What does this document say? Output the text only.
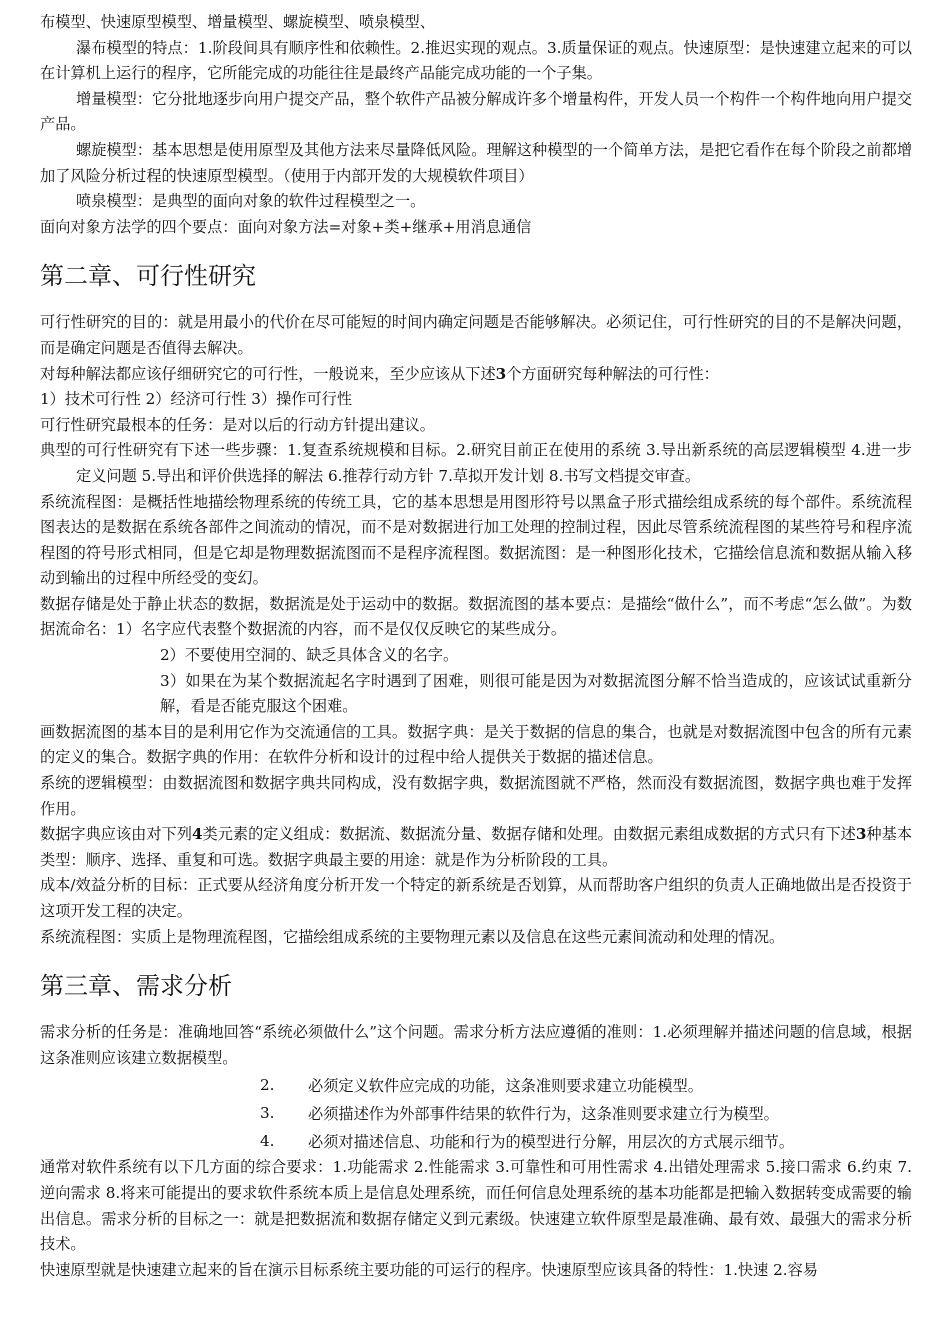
布模型、快速原型模型、增量模型、螺旋模型、喷泉模型、

瀑布模型的特点：1.阶段间具有顺序性和依赖性。2.推迟实现的观点。3.质量保证的观点。快速原型：是快速建立起来的可以在计算机上运行的程序，它所能完成的功能往往是最终产品能完成功能的一个子集。

增量模型：它分批地逐步向用户提交产品，整个软件产品被分解成许多个增量构件，开发人员一个构件一个构件地向用户提交产品。

螺旋模型：基本思想是使用原型及其他方法来尽量降低风险。理解这种模型的一个简单方法，是把它看作在每个阶段之前都增加了风险分析过程的快速原型模型。（使用于内部开发的大规模软件项目）

喷泉模型：是典型的面向对象的软件过程模型之一。

面向对象方法学的四个要点：面向对象方法=对象+类+继承+用消息通信

第二章、可行性研究

可行性研究的目的：就是用最小的代价在尽可能短的时间内确定问题是否能够解决。必须记住，可行性研究的目的不是解决问题，而是确定问题是否值得去解决。

对每种解法都应该仔细研究它的可行性，一般说来，至少应该从下述3个方面研究每种解法的可行性：

1）技术可行性 2）经济可行性 3）操作可行性

可行性研究最根本的任务：是对以后的行动方针提出建议。

典型的可行性研究有下述一些步骤：1.复查系统规模和目标。2.研究目前正在使用的系统 3.导出新系统的高层逻辑模型 4.进一步定义问题 5.导出和评价供选择的解法 6.推荐行动方针 7.草拟开发计划 8.书写文档提交审查。

系统流程图：是概括性地描绘物理系统的传统工具，它的基本思想是用图形符号以黑盒子形式描绘组成系统的每个部件。系统流程图表达的是数据在系统各部件之间流动的情况，而不是对数据进行加工处理的控制过程，因此尽管系统流程图的某些符号和程序流程图的符号形式相同，但是它却是物理数据流图而不是程序流程图。数据流图：是一种图形化技术，它描绘信息流和数据从输入移动到输出的过程中所经受的变幻。

数据存储是处于静止状态的数据，数据流是处于运动中的数据。数据流图的基本要点：是描绘“做什么”，而不考虑“怎么做”。为数据流命名：1）名字应代表整个数据流的内容，而不是仅仅反映它的某些成分。

2）不要使用空洞的、缺乏具体含义的名字。

3）如果在为某个数据流起名字时遇到了困难，则很可能是因为对数据流图分解不恰当造成的，应该试试重新分解，看是否能克服这个困难。

画数据流图的基本目的是利用它作为交流通信的工具。数据字典：是关于数据的信息的集合，也就是对数据流图中包含的所有元素的定义的集合。数据字典的作用：在软件分析和设计的过程中给人提供关于数据的描述信息。

系统的逻辑模型：由数据流图和数据字典共同构成，没有数据字典，数据流图就不严格，然而没有数据流图，数据字典也难于发挥作用。

数据字典应该由对下列4类元素的定义组成：数据流、数据流分量、数据存储和处理。由数据元素组成数据的方式只有下述3种基本类型：顺序、选择、重复和可选。数据字典最主要的用途：就是作为分析阶段的工具。

成本/效益分析的目标：正式要从经济角度分析开发一个特定的新系统是否划算，从而帮助客户组织的负责人正确地做出是否投资于这项开发工程的决定。

系统流程图：实质上是物理流程图，它描绘组成系统的主要物理元素以及信息在这些元素间流动和处理的情况。

第三章、需求分析

需求分析的任务是：准确地回答“系统必须做什么”这个问题。需求分析方法应遵循的准则：1.必须理解并描述问题的信息域，根据这条准则应该建立数据模型。

2.	必须定义软件应完成的功能，这条准则要求建立功能模型。
3.	必须描述作为外部事件结果的软件行为，这条准则要求建立行为模型。
4.	必须对描述信息、功能和行为的模型进行分解，用层次的方式展示细节。

通常对软件系统有以下几方面的综合要求：1.功能需求 2.性能需求 3.可靠性和可用性需求 4.出错处理需求 5.接口需求 6.约束 7.逆向需求 8.将来可能提出的要求软件系统本质上是信息处理系统，而任何信息处理系统的基本功能都是把输入数据转变成需要的输出信息。需求分析的目标之一：就是把数据流和数据存储定义到元素级。快速建立软件原型是最准确、最有效、最强大的需求分析技术。

快速原型就是快速建立起来的旨在演示目标系统主要功能的可运行的程序。快速原型应该具备的特性：1.快速 2.容易
